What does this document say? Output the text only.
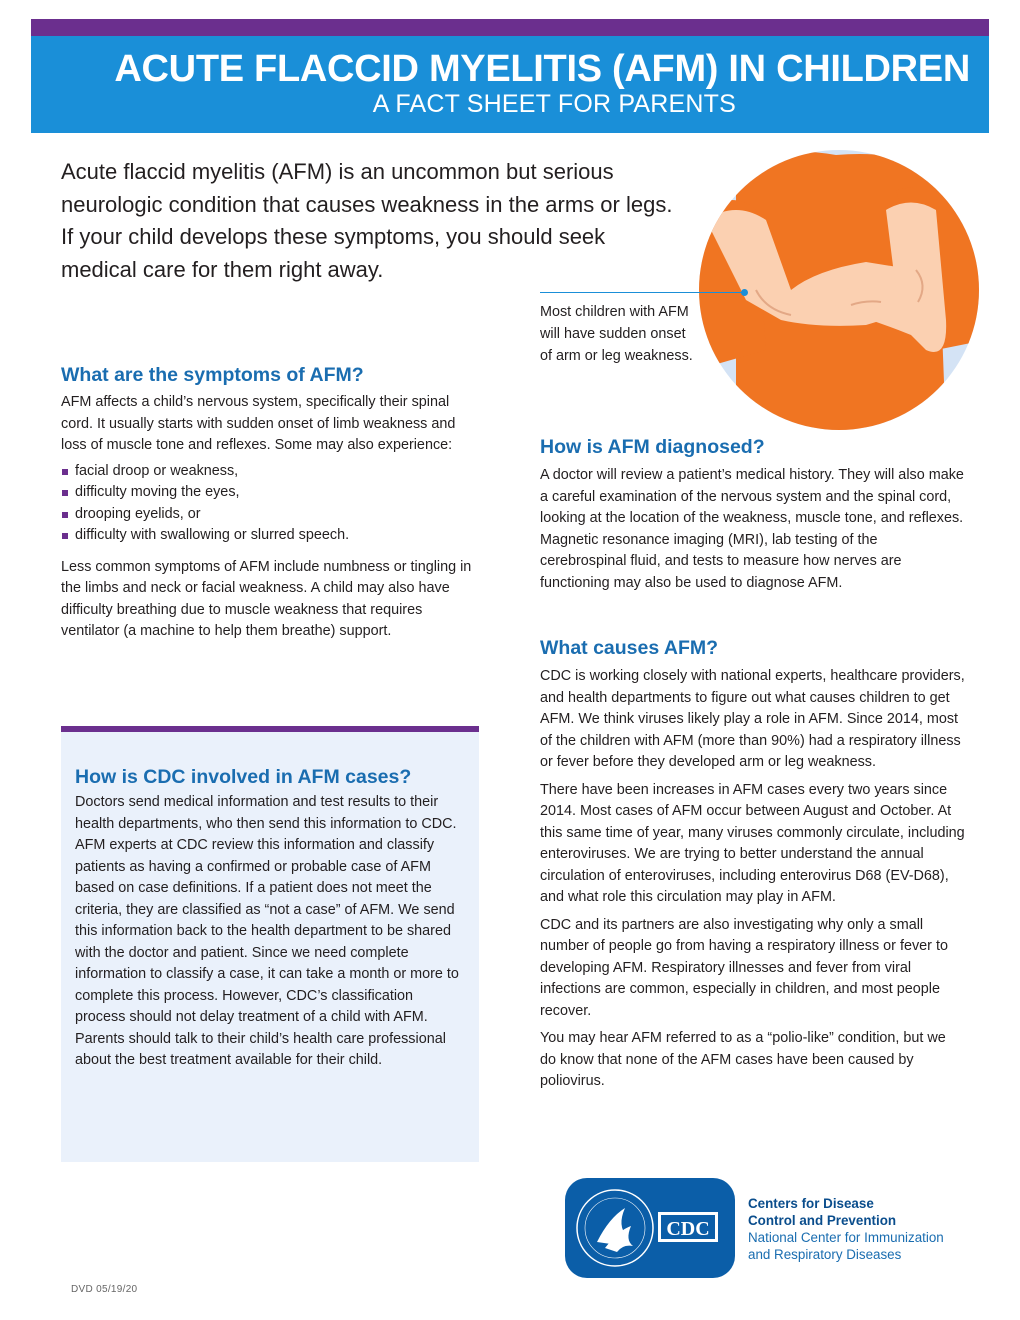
ACUTE FLACCID MYELITIS (AFM) IN CHILDREN
A FACT SHEET FOR PARENTS

Acute flaccid myelitis (AFM) is an uncommon but serious neurologic condition that causes weakness in the arms or legs. If your child develops these symptoms, you should seek medical care for them right away.

Most children with AFM will have sudden onset of arm or leg weakness.
What are the symptoms of AFM?

AFM affects a child’s nervous system, specifically their spinal cord. It usually starts with sudden onset of limb weakness and loss of muscle tone and reflexes. Some may also experience:

facial droop or weakness,
difficulty moving the eyes,
drooping eyelids, or
difficulty with swallowing or slurred speech.

Less common symptoms of AFM include numbness or tingling in the limbs and neck or facial weakness. A child may also have difficulty breathing due to muscle weakness that requires ventilator (a machine to help them breathe) support.

How is CDC involved in AFM cases?

Doctors send medical information and test results to their health departments, who then send this information to CDC. AFM experts at CDC review this information and classify patients as having a confirmed or probable case of AFM based on case definitions. If a patient does not meet the criteria, they are classified as “not a case” of AFM. We send this information back to the health department to be shared with the doctor and patient. Since we need complete information to classify a case, it can take a month or more to complete this process. However, CDC’s classification process should not delay treatment of a child with AFM. Parents should talk to their child’s health care professional about the best treatment available for their child.

How is AFM diagnosed?

A doctor will review a patient’s medical history. They will also make a careful examination of the nervous system and the spinal cord, looking at the location of the weakness, muscle tone, and reflexes. Magnetic resonance imaging (MRI), lab testing of the cerebrospinal fluid, and tests to measure how nerves are functioning may also be used to diagnose AFM.

What causes AFM?

CDC is working closely with national experts, healthcare providers, and health departments to figure out what causes children to get AFM. We think viruses likely play a role in AFM. Since 2014, most of the children with AFM (more than 90%) had a respiratory illness or fever before they developed arm or leg weakness.

There have been increases in AFM cases every two years since 2014. Most cases of AFM occur between August and October. At this same time of year, many viruses commonly circulate, including enteroviruses. We are trying to better understand the annual circulation of enteroviruses, including enterovirus D68 (EV-D68), and what role this circulation may play in AFM.

CDC and its partners are also investigating why only a small number of people go from having a respiratory illness or fever to developing AFM. Respiratory illnesses and fever from viral infections are common, especially in children, and most people recover.

You may hear AFM referred to as a “polio-like” condition, but we do know that none of the AFM cases have been caused by poliovirus.

CDC
Centers for Disease
Control and Prevention
National Center for Immunization
and Respiratory Diseases
DVD 05/19/20
